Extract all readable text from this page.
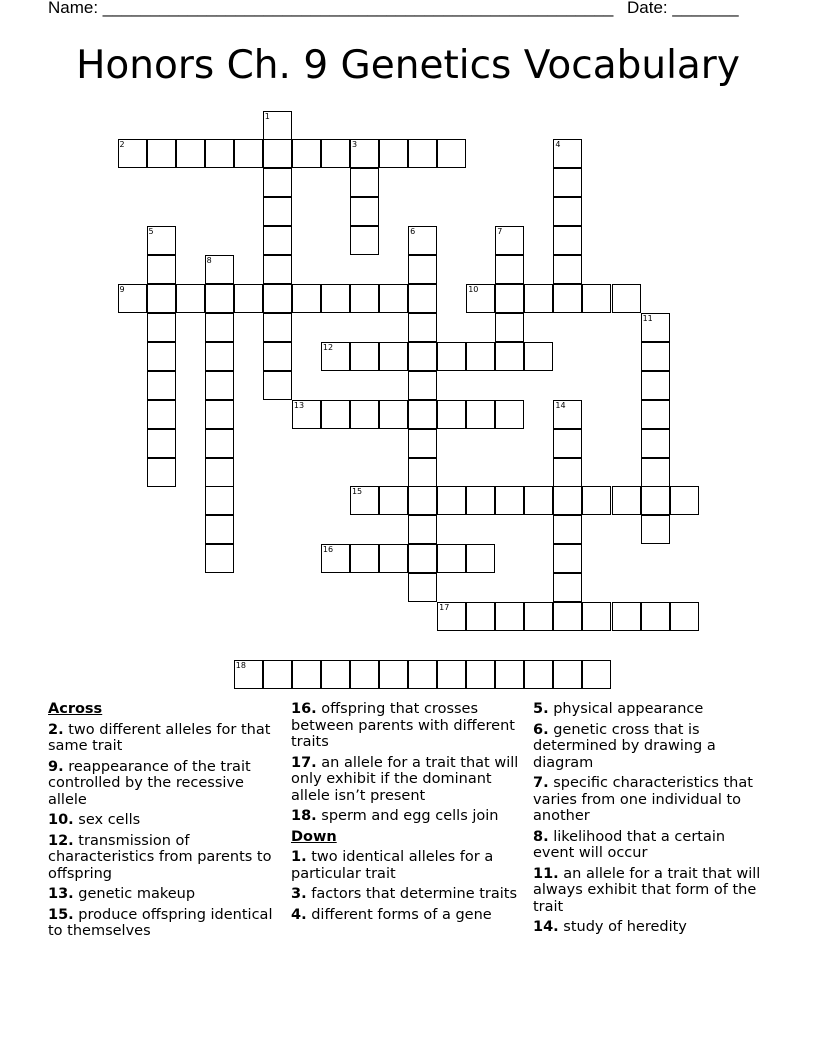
Name: ______________________________________________________ Date: _______
Honors Ch. 9 Genetics Vocabulary
2	3
9	10
12
13
15
16
17
18
1
4
5	6	7
8
11
14
Across
2. two different alleles for that same trait
9. reappearance of the trait controlled by the recessive allele
10. sex cells
12. transmission of characteristics from parents to offspring
13. genetic makeup
15. produce offspring identical to themselves
16. offspring that crosses between parents with different traits
17. an allele for a trait that will only exhibit if the dominant allele isn’t present
18. sperm and egg cells join
Down
1. two identical alleles for a particular trait
3. factors that determine traits
4. different forms of a gene
5. physical appearance
6. genetic cross that is determined by drawing a diagram
7. specific characteristics that varies from one individual to another
8. likelihood that a certain event will occur
11. an allele for a trait that will always exhibit that form of the trait
14. study of heredity
